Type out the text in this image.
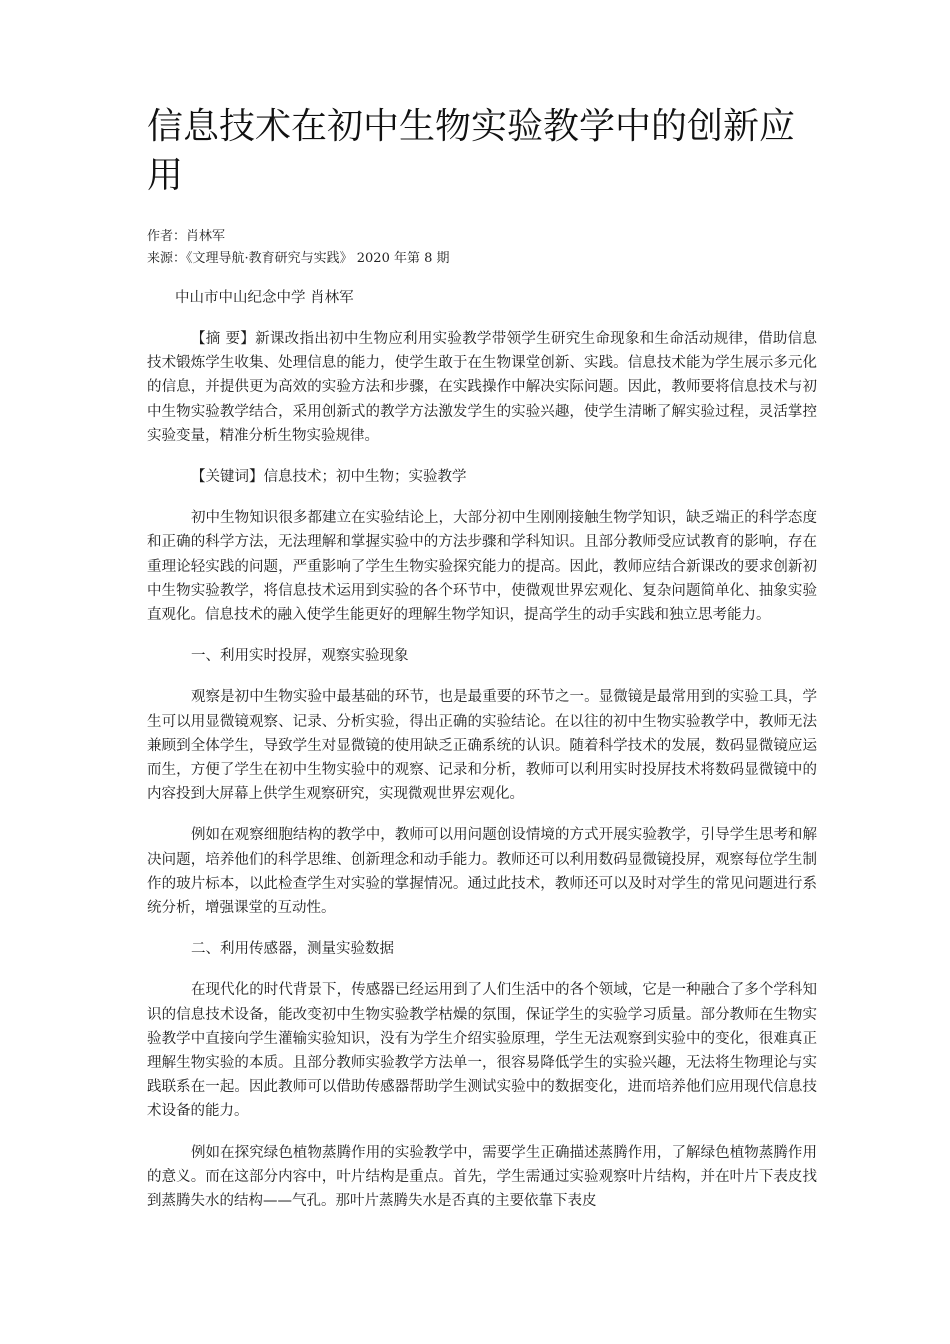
信息技术在初中生物实验教学中的创新应用
作者：肖林军
来源：《文理导航·教育研究与实践》 2020 年第 8 期
中山市中山纪念中学 肖林军

【摘 要】新课改指出初中生物应利用实验教学带领学生研究生命现象和生命活动规律，借助信息技术锻炼学生收集、处理信息的能力，使学生敢于在生物课堂创新、实践。信息技术能为学生展示多元化的信息，并提供更为高效的实验方法和步骤，在实践操作中解决实际问题。因此，教师要将信息技术与初中生物实验教学结合，采用创新式的教学方法激发学生的实验兴趣，使学生清晰了解实验过程，灵活掌控实验变量，精准分析生物实验规律。

【关键词】信息技术；初中生物；实验教学

初中生物知识很多都建立在实验结论上，大部分初中生刚刚接触生物学知识，缺乏端正的科学态度和正确的科学方法，无法理解和掌握实验中的方法步骤和学科知识。且部分教师受应试教育的影响，存在重理论轻实践的问题，严重影响了学生生物实验探究能力的提高。因此，教师应结合新课改的要求创新初中生物实验教学，将信息技术运用到实验的各个环节中，使微观世界宏观化、复杂问题简单化、抽象实验直观化。信息技术的融入使学生能更好的理解生物学知识，提高学生的动手实践和独立思考能力。

一、利用实时投屏，观察实验现象

观察是初中生物实验中最基础的环节，也是最重要的环节之一。显微镜是最常用到的实验工具，学生可以用显微镜观察、记录、分析实验，得出正确的实验结论。在以往的初中生物实验教学中，教师无法兼顾到全体学生，导致学生对显微镜的使用缺乏正确系统的认识。随着科学技术的发展，数码显微镜应运而生，方便了学生在初中生物实验中的观察、记录和分析，教师可以利用实时投屏技术将数码显微镜中的内容投到大屏幕上供学生观察研究，实现微观世界宏观化。

例如在观察细胞结构的教学中，教师可以用问题创设情境的方式开展实验教学，引导学生思考和解决问题，培养他们的科学思维、创新理念和动手能力。教师还可以利用数码显微镜投屏，观察每位学生制作的玻片标本，以此检查学生对实验的掌握情况。通过此技术，教师还可以及时对学生的常见问题进行系统分析，增强课堂的互动性。

二、利用传感器，测量实验数据

在现代化的时代背景下，传感器已经运用到了人们生活中的各个领域，它是一种融合了多个学科知识的信息技术设备，能改变初中生物实验教学枯燥的氛围，保证学生的实验学习质量。部分教师在生物实验教学中直接向学生灌输实验知识，没有为学生介绍实验原理，学生无法观察到实验中的变化，很难真正理解生物实验的本质。且部分教师实验教学方法单一，很容易降低学生的实验兴趣，无法将生物理论与实践联系在一起。因此教师可以借助传感器帮助学生测试实验中的数据变化，进而培养他们应用现代信息技术设备的能力。

例如在探究绿色植物蒸腾作用的实验教学中，需要学生正确描述蒸腾作用，了解绿色植物蒸腾作用的意义。而在这部分内容中，叶片结构是重点。首先，学生需通过实验观察叶片结构，并在叶片下表皮找到蒸腾失水的结构——气孔。那叶片蒸腾失水是否真的主要依靠下表皮
